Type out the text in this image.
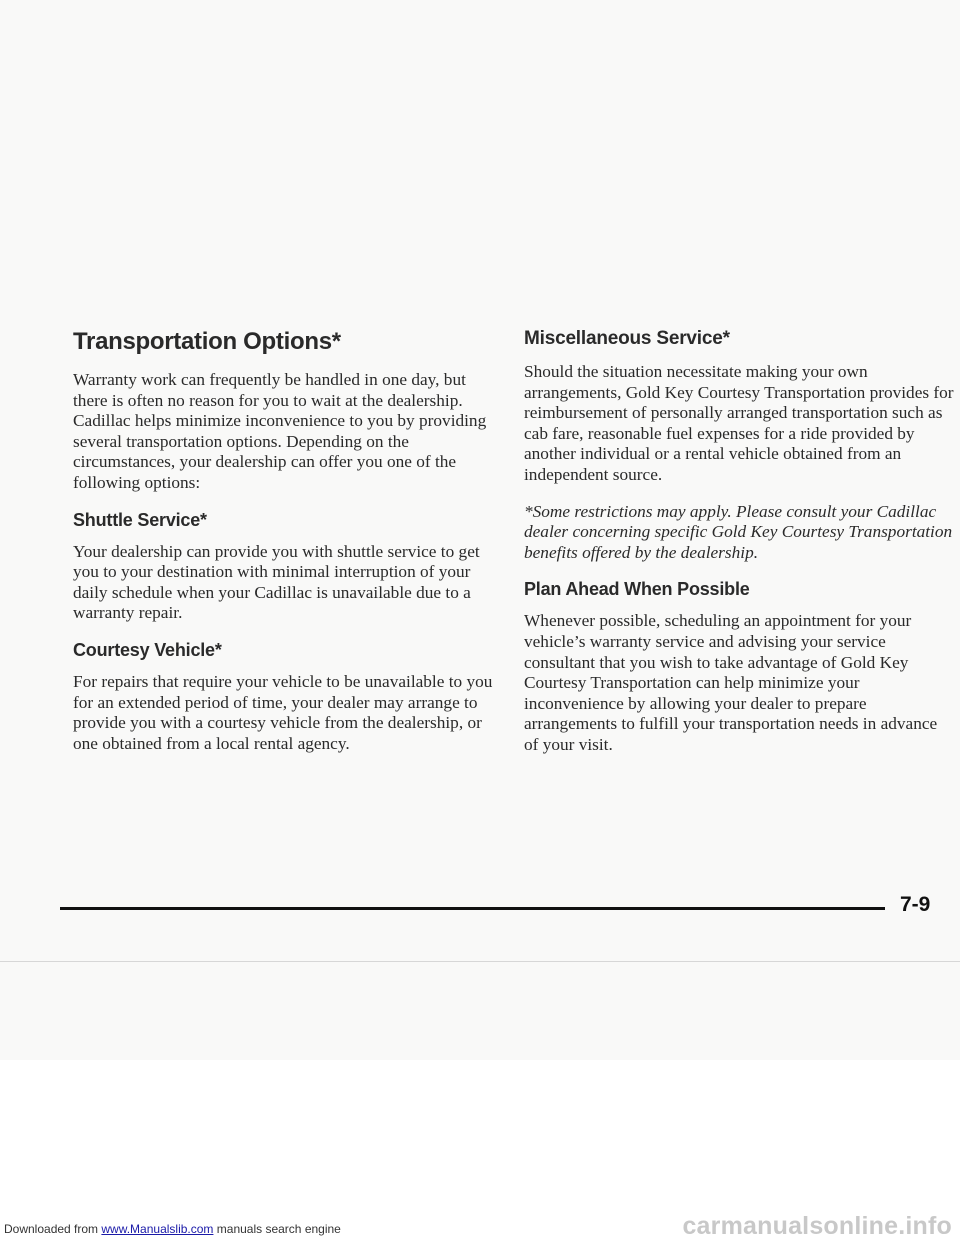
Transportation Options*

Warranty work can frequently be handled in one day, but there is often no reason for you to wait at the dealership. Cadillac helps minimize inconvenience to you by providing several transportation options. Depending on the circumstances, your dealership can offer you one of the following options:

Shuttle Service*

Your dealership can provide you with shuttle service to get you to your destination with minimal interruption of your daily schedule when your Cadillac is unavailable due to a warranty repair.

Courtesy Vehicle*

For repairs that require your vehicle to be unavailable to you for an extended period of time, your dealer may arrange to provide you with a courtesy vehicle from the dealership, or one obtained from a local rental agency.

Miscellaneous Service*

Should the situation necessitate making your own arrangements, Gold Key Courtesy Transportation provides for reimbursement of personally arranged transportation such as cab fare, reasonable fuel expenses for a ride provided by another individual or a rental vehicle obtained from an independent source.

*Some restrictions may apply. Please consult your Cadillac dealer concerning specific Gold Key Courtesy Transportation benefits offered by the dealership.

Plan Ahead When Possible

Whenever possible, scheduling an appointment for your vehicle’s warranty service and advising your service consultant that you wish to take advantage of Gold Key Courtesy Transportation can help minimize your inconvenience by allowing your dealer to prepare arrangements to fulfill your transportation needs in advance of your visit.

7-9
Downloaded from www.Manualslib.com manuals search engine	carmanualsonline.info
